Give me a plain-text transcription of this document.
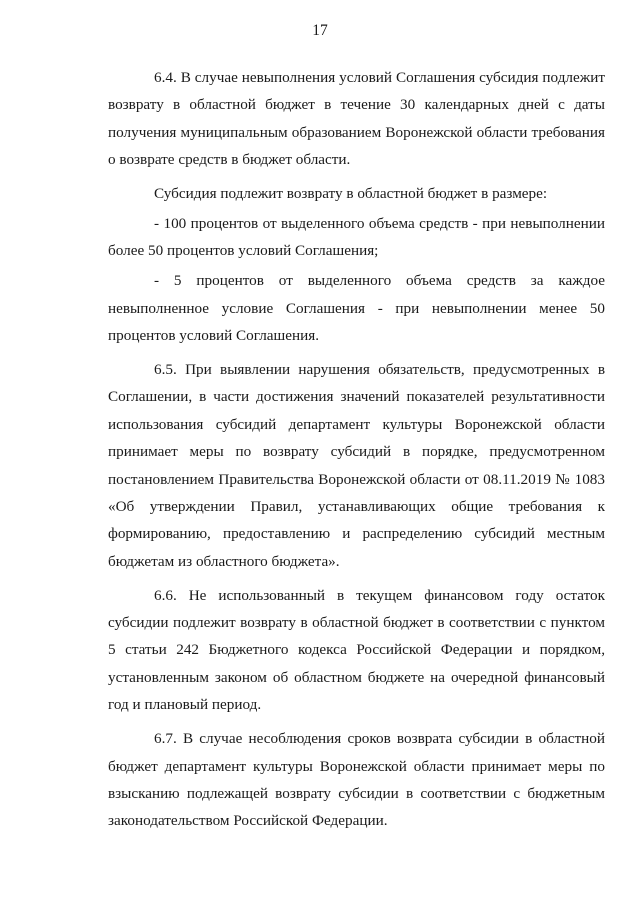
17

6.4. В случае невыполнения условий Соглашения субсидия подлежит возврату в областной бюджет в течение 30 календарных дней с даты получения муниципальным образованием Воронежской области требования о возврате средств в бюджет области.

Субсидия подлежит возврату в областной бюджет в размере:

- 100 процентов от выделенного объема средств - при невыполнении более 50 процентов условий Соглашения;

- 5 процентов от выделенного объема средств за каждое невыполненное условие Соглашения - при невыполнении менее 50 процентов условий Соглашения.

6.5. При выявлении нарушения обязательств, предусмотренных в Соглашении, в части достижения значений показателей результативности использования субсидий департамент культуры Воронежской области принимает меры по возврату субсидий в порядке, предусмотренном постановлением Правительства Воронежской области от 08.11.2019 № 1083 «Об утверждении Правил, устанавливающих общие требования к формированию, предоставлению и распределению субсидий местным бюджетам из областного бюджета».

6.6. Не использованный в текущем финансовом году остаток субсидии подлежит возврату в областной бюджет в соответствии с пунктом 5 статьи 242 Бюджетного кодекса Российской Федерации и порядком, установленным законом об областном бюджете на очередной финансовый год и плановый период.

6.7. В случае несоблюдения сроков возврата субсидии в областной бюджет департамент культуры Воронежской области принимает меры по взысканию подлежащей возврату субсидии в соответствии с бюджетным законодательством Российской Федерации.
